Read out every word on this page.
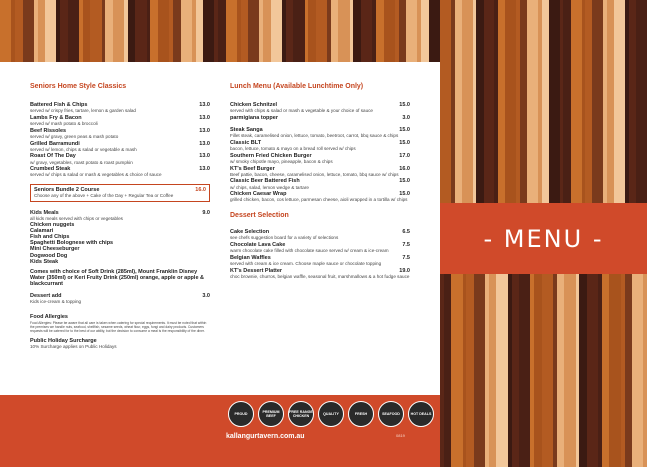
- MENU -
Seniors Home Style Classics
Battered Fish & Chips	13.0
served w/ crispy fries, tartare, lemon & garden salad
Lambs Fry & Bacon	13.0
served w/ mash potato & broccoli
Beef Rissoles	13.0
served w/ gravy, green peas & mash potato
Grilled Barramundi	13.0
served w/ lemon, chips & salad or vegetable & mash
Roast Of The Day	13.0
w/ gravy, vegetables, roast potato & roast pumpkin
Crumbed Steak	13.0
served w/ chips & salad or mash & vegetables & choice of sauce
Seniors Bundle 2 Course	16.0
Choose any of the above + Cake of the Day + Regular Tea or Coffee
Kids Meals	9.0
all kids meals served with chips or vegetables
Chicken nuggets
Calamari
Fish and Chips
Spaghetti Bolognese with chips
Mini Cheeseburger
Dogwood Dog
Kids Steak
Comes with choice of Soft Drink (285ml), Mount Franklin Disney Water (350ml) or Keri Fruity Drink (250ml) orange, apple or apple & blackcurrant
Dessert add	3.0
Kids ice-cream & topping
Food Allergies
Food Allergies: Please be aware that all care is taken when catering for special requirements. It must be noted that within the premises we handle nuts, seafood, shellfish, sesame seeds, wheat flour, eggs, fungi and dairy products. Customers requests will be catered for to the best of our ability, but the decision to consume a meal is the responsibility of the diner.
Public Holiday Surcharge
10% Surcharge applies on Public Holidays
Lunch Menu (Available Lunchtime Only)
Chicken Schnitzel	15.0
served with chips & salad or mash & vegetable & your choice of sauce
parmigiana topper	3.0
Steak Sanga	15.0
Fillet steak, caramelised onion, lettuce, tomato, beetroot, carrot, bbq sauce & chips
Classic BLT	15.0
bacon, lettuce, tomato & mayo on a bread roll served w/ chips
Southern Fried Chicken Burger	17.0
w/ smoky chipotle mayo, pineapple, bacon & chips
KT's Beef Burger	16.0
Beef pattie, bacon, cheese, caramelised onion, lettuce, tomato, bbq sauce w/ chips
Classic Beer Battered Fish	15.0
w/ chips, salad, lemon wedge & tartare
Chicken Caesar Wrap	15.0
grilled chicken, bacon, cos lettuce, parmesan cheese, aioli wrapped in a tortilla w/ chips
Dessert Selection
Cake Selection	6.5
see chefs suggestion board for a variety of selections
Chocolate Lava Cake	7.5
warm chocolate cake filled with chocolate sauce served w/ cream & ice-cream
Belgian Waffles	7.5
served with cream & ice cream. Choose maple sauce or chocolate topping
KT's Dessert Platter	19.0
choc brownie, churros, belgian waffle, seasonal fruit, marshmallows & a hot fudge sauce
PROUD	PREMIUM BEEF
FREE RANGE CHICKEN	QUALITY	FRESH	SEAFOOD	HOT DEALS
kallangurtavern.com.au	0819
